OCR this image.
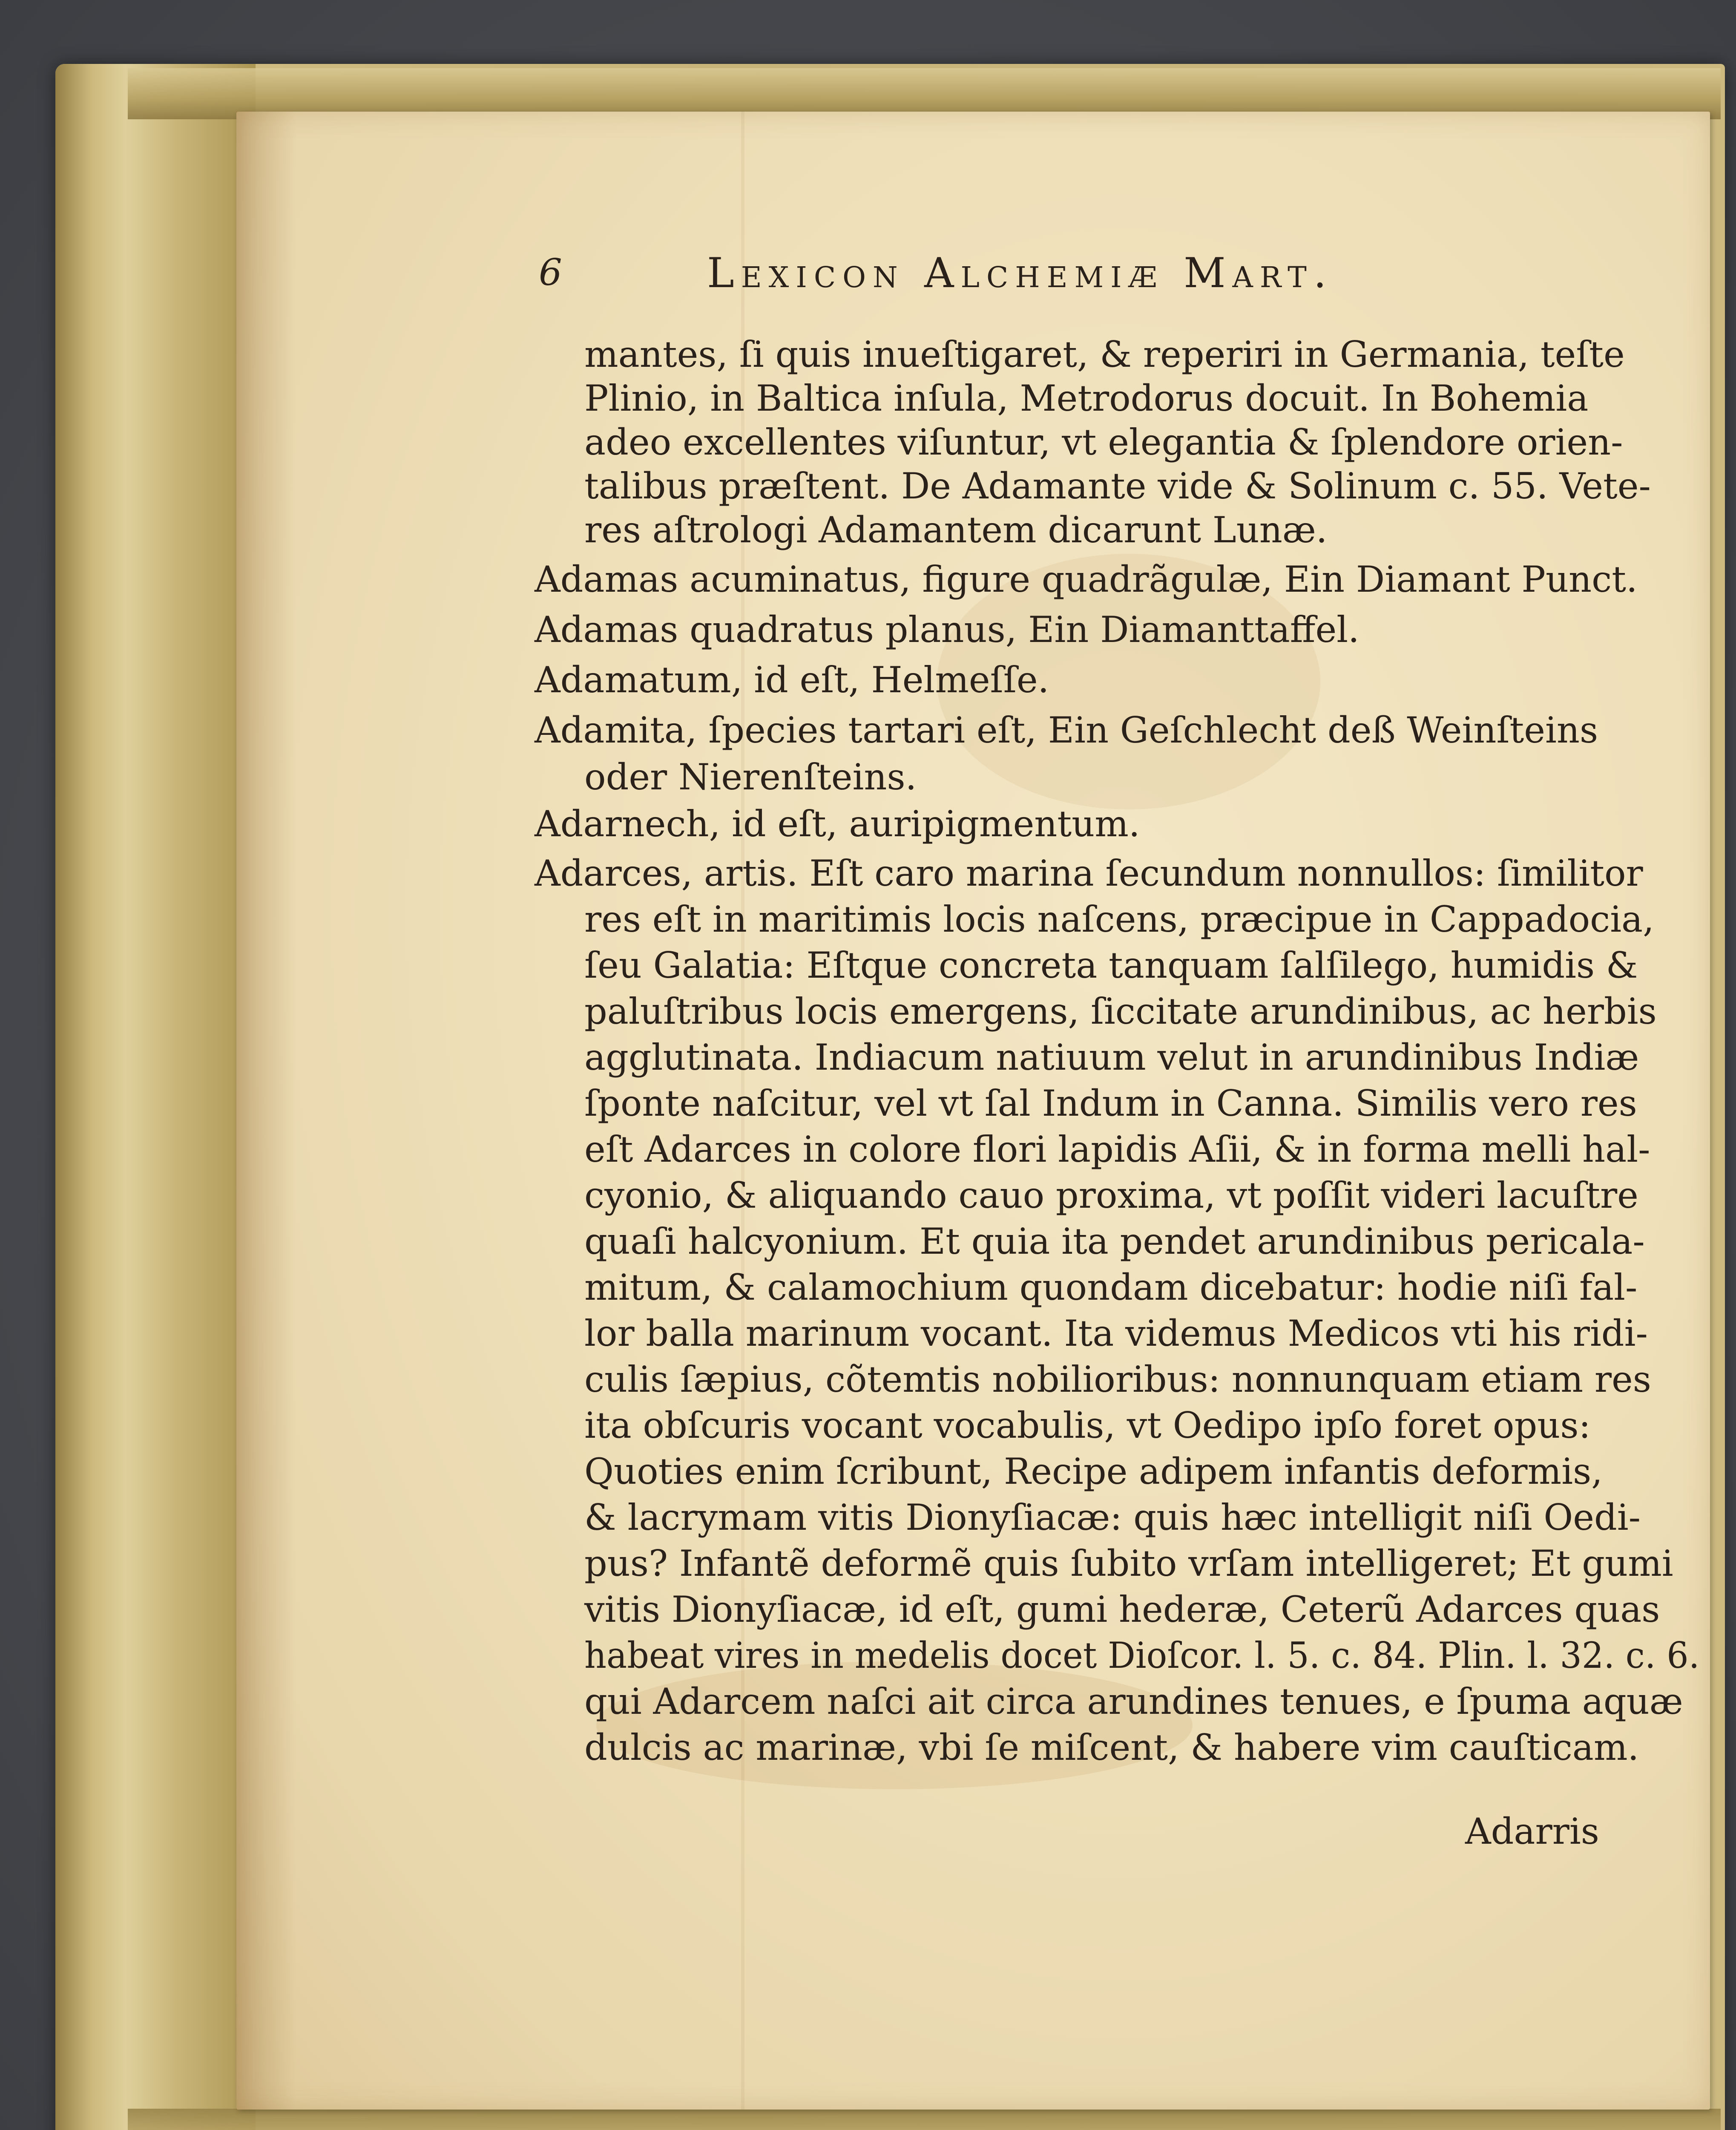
6	Lexicon Alchemiæ Mart.
mantes, ſi quis inueſtigaret, & reperiri in Germania, teſte
Plinio, in Baltica inſula, Metrodorus docuit. In Bohemia
adeo excellentes viſuntur, vt elegantia & ſplendore orien-
talibus præſtent. De Adamante vide & Solinum c. 55. Vete-
res aſtrologi Adamantem dicarunt Lunæ.
Adamas acuminatus, figure quadrãgulæ, Ein Diamant Punct.
Adamas quadratus planus, Ein Diamanttaffel.
Adamatum, id eſt, Helmeſſe.
Adamita, ſpecies tartari eſt, Ein Geſchlecht deß Weinſteins
oder Nierenſteins.
Adarnech, id eſt, auripigmentum.
Adarces, artis. Eſt caro marina ſecundum nonnullos: ſimilitor
res eſt in maritimis locis naſcens, præcipue in Cappadocia,
ſeu Galatia: Eſtque concreta tanquam ſalſilego, humidis &
paluſtribus locis emergens, ſiccitate arundinibus, ac herbis
agglutinata. Indiacum natiuum velut in arundinibus Indiæ
ſponte naſcitur, vel vt ſal Indum in Canna. Similis vero res
eſt Adarces in colore flori lapidis Aſii, & in forma melli hal-
cyonio, & aliquando cauo proxima, vt poſſit videri lacuſtre
quaſi halcyonium. Et quia ita pendet arundinibus pericala-
mitum, & calamochium quondam dicebatur: hodie niſi fal-
lor balla marinum vocant. Ita videmus Medicos vti his ridi-
culis ſæpius, cõtemtis nobilioribus: nonnunquam etiam res
ita obſcuris vocant vocabulis, vt Oedipo ipſo foret opus:
Quoties enim ſcribunt, Recipe adipem infantis deformis,
& lacrymam vitis Dionyſiacæ: quis hæc intelligit niſi Oedi-
pus? Infantẽ deformẽ quis ſubito vrſam intelligeret; Et gumi
vitis Dionyſiacæ, id eſt, gumi hederæ, Ceterũ Adarces quas
habeat vires in medelis docet Dioſcor. l. 5. c. 84. Plin. l. 32. c. 6.
qui Adarcem naſci ait circa arundines tenues, e ſpuma aquæ
dulcis ac marinæ, vbi ſe miſcent, & habere vim cauſticam.
Adarris
